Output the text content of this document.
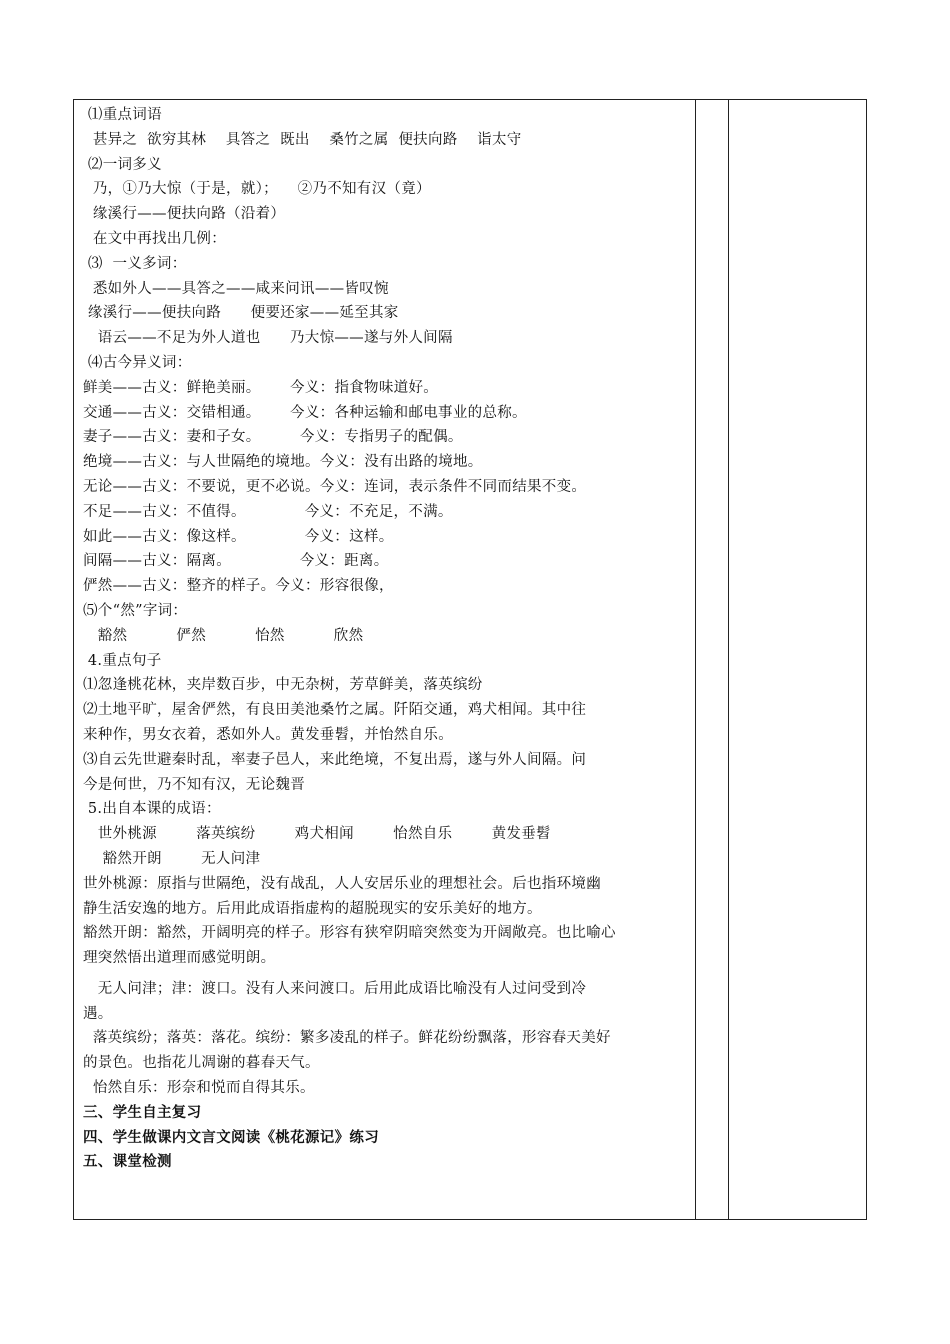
⑴重点词语
甚异之  欲穷其林    具答之  既出    桑竹之属  便扶向路    诣太守
⑵一词多义
乃，①乃大惊（于是，就）；    ②乃不知有汉（竟）
缘溪行——便扶向路（沿着）
在文中再找出几例：
⑶  一义多词：
悉如外人——具答之——咸来问讯——皆叹惋
缘溪行——便扶向路      便要还家——延至其家
语云——不足为外人道也      乃大惊——遂与外人间隔
⑷古今异义词：
鲜美——古义：鲜艳美丽。      今义：指食物味道好。
交通——古义：交错相通。      今义：各种运输和邮电事业的总称。
妻子——古义：妻和子女。        今义：专指男子的配偶。
绝境——古义：与人世隔绝的境地。今义：没有出路的境地。
无论——古义：不要说，更不必说。今义：连词，表示条件不同而结果不变。
不足——古义：不值得。            今义：不充足，不满。
如此——古义：像这样。            今义：这样。
间隔——古义：隔离。              今义：距离。
俨然——古义：整齐的样子。今义：形容很像，
⑸个“然”字词：
豁然          俨然          怡然          欣然
4.重点句子
⑴忽逢桃花林，夹岸数百步，中无杂树，芳草鲜美，落英缤纷
⑵土地平旷，屋舍俨然，有良田美池桑竹之属。阡陌交通，鸡犬相闻。其中往
来种作，男女衣着，悉如外人。黄发垂髫，并怡然自乐。
⑶自云先世避秦时乱，率妻子邑人，来此绝境，不复出焉，遂与外人间隔。问
今是何世，乃不知有汉，无论魏晋
5.出自本课的成语：
世外桃源        落英缤纷        鸡犬相闻        怡然自乐        黄发垂髫
豁然开朗        无人问津
世外桃源：原指与世隔绝，没有战乱，人人安居乐业的理想社会。后也指环境幽
静生活安逸的地方。后用此成语指虚构的超脱现实的安乐美好的地方。
豁然开朗：豁然，开阔明亮的样子。形容有狭窄阴暗突然变为开阔敞亮。也比喻心
理突然悟出道理而感觉明朗。
无人问津；津：渡口。没有人来问渡口。后用此成语比喻没有人过问受到冷
遇。
落英缤纷；落英：落花。缤纷：繁多凌乱的样子。鲜花纷纷飘落，形容春天美好
的景色。也指花儿凋谢的暮春天气。
怡然自乐：形奈和悦而自得其乐。
三、学生自主复习
四、学生做课内文言文阅读《桃花源记》练习
五、课堂检测
